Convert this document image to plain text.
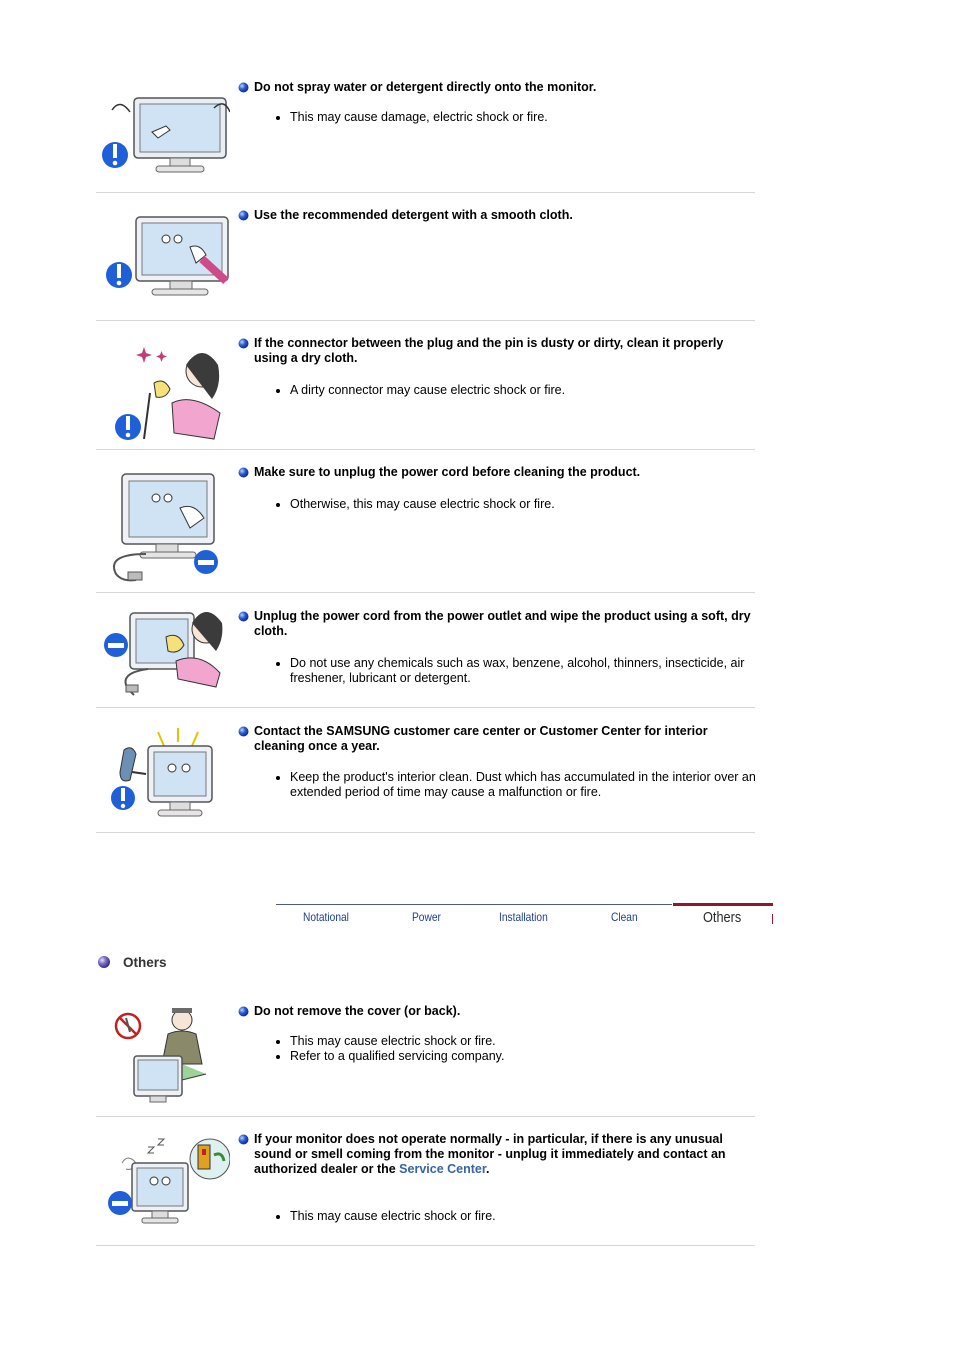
Do not spray water or detergent directly onto the monitor.
This may cause damage, electric shock or fire.
Use the recommended detergent with a smooth cloth.
If the connector between the plug and the pin is dusty or dirty, clean it properly using a dry cloth.
A dirty connector may cause electric shock or fire.
Make sure to unplug the power cord before cleaning the product.
Otherwise, this may cause electric shock or fire.
Unplug the power cord from the power outlet and wipe the product using a soft, dry cloth.
Do not use any chemicals such as wax, benzene, alcohol, thinners, insecticide, air freshener, lubricant or detergent.
Contact the SAMSUNG customer care center or Customer Center for interior cleaning once a year.
Keep the product's interior clean. Dust which has accumulated in the interior over an extended period of time may cause a malfunction or fire.
Notational	Power	Installation	Clean	Others
Others
Do not remove the cover (or back).
This may cause electric shock or fire.
Refer to a qualified servicing company.
If your monitor does not operate normally - in particular, if there is any unusual sound or smell coming from the monitor - unplug it immediately and contact an authorized dealer or the Service Center.
This may cause electric shock or fire.
